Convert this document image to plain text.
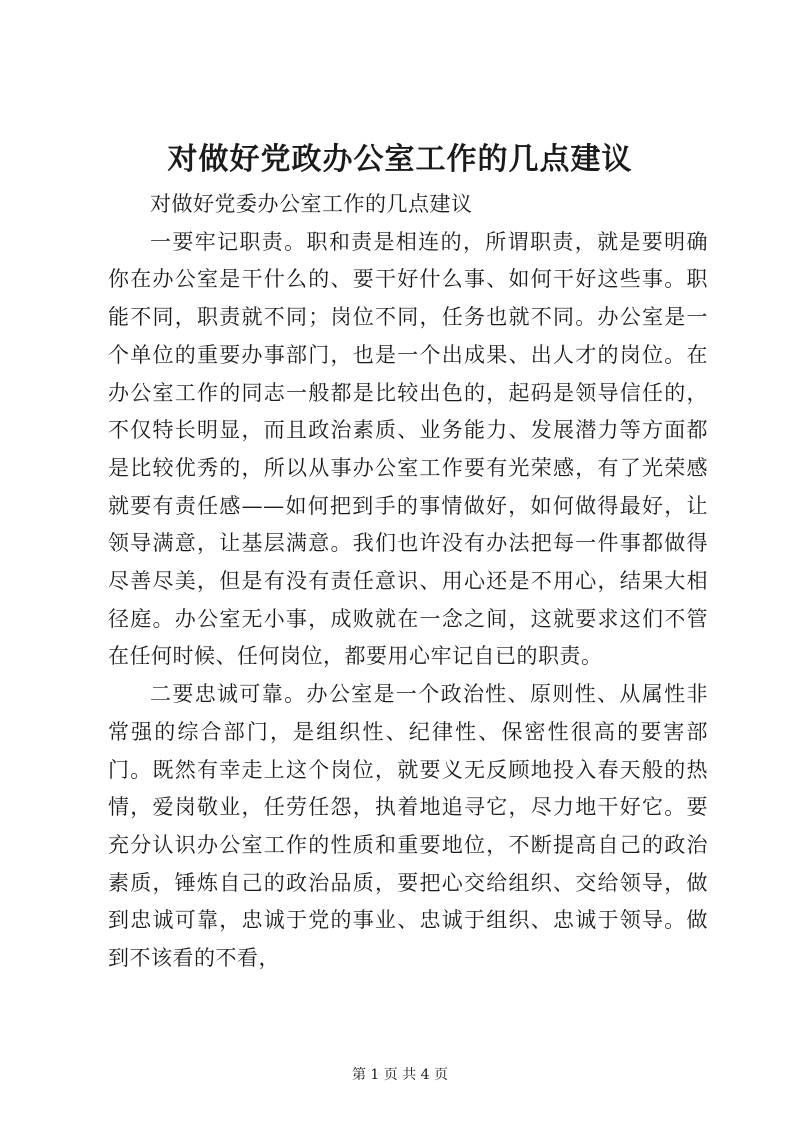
对做好党政办公室工作的几点建议

对做好党委办公室工作的几点建议

一要牢记职责。职和责是相连的，所谓职责，就是要明确你在办公室是干什么的、要干好什么事、如何干好这些事。职能不同，职责就不同；岗位不同，任务也就不同。办公室是一个单位的重要办事部门，也是一个出成果、出人才的岗位。在办公室工作的同志一般都是比较出色的，起码是领导信任的，不仅特长明显，而且政治素质、业务能力、发展潜力等方面都是比较优秀的，所以从事办公室工作要有光荣感，有了光荣感就要有责任感——如何把到手的事情做好，如何做得最好，让领导满意，让基层满意。我们也许没有办法把每一件事都做得尽善尽美，但是有没有责任意识、用心还是不用心，结果大相径庭。办公室无小事，成败就在一念之间，这就要求这们不管在任何时候、任何岗位，都要用心牢记自已的职责。

二要忠诚可靠。办公室是一个政治性、原则性、从属性非常强的综合部门，是组织性、纪律性、保密性很高的要害部门。既然有幸走上这个岗位，就要义无反顾地投入春天般的热情，爱岗敬业，任劳任怨，执着地追寻它，尽力地干好它。要充分认识办公室工作的性质和重要地位，不断提高自己的政治素质，锤炼自己的政治品质，要把心交给组织、交给领导，做到忠诚可靠，忠诚于党的事业、忠诚于组织、忠诚于领导。做到不该看的不看，

第 1 页 共 4 页
